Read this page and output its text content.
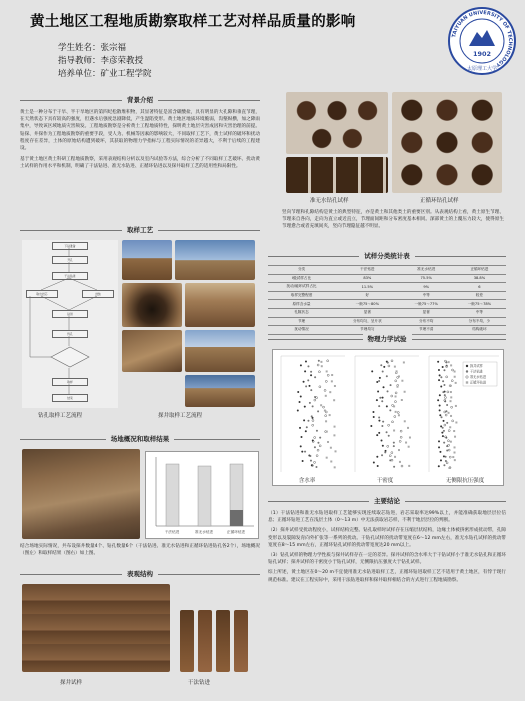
黄土地区工程地质勘察取样工艺对样品质量的影响
学生姓名：张宗福
指导教师：李彦荣教授
培养单位：矿业工程学院
TAIYUAN UNIVERSITY OF TECHNOLOGY
1902
太原理工大学
背景介绍

黄土是一种分布于干旱、半干旱地区的第四纪松散堆积物，其显著特征是富含碳酸盐，具有明显的大孔隙和垂直节理，在天然状态下具有较高的强度，但遇水后强度急剧降低，产生湿陷变形。黄土地区地质环境脆弱，沟壑纵横，加之降雨集中，导致该区域地质灾害频发。工程地质勘察是分析黄土工程地质特性，探明黄土地层灾害成因和灾害治理的前提。钻探、井探作为工程地质勘察的重要手段，受人为、机械等因素的影响较大，不同取样工艺下，黄土试样的破坏和扰动程度存在差异，土体的原始结构遭到破坏，其获取的物理力学指标与工程实际情况的差异越大，不利于后续的工程建设。

基于黄土地区黄土科研工程地质勘察，采用表观结构分析以及室内试验等方法，综合分析了不同取样工艺破坏、扰动黄土试样的作用水平和机制，明确了干法钻进、准无水钻进、正循环钻进以及探井取样工艺的适用性和局限性。

取样工艺
下钻准备
开孔
干法钻进
取出岩芯	封装
钻进
终孔
取样
结束
钻孔取样工艺流程	探井取样工艺流程
场地概况和取样结果
干法钻进	准无水钻进	正循环钻进

结合场地实际情况，共布设探井数量4个、钻孔数量6个（干法钻进、准无水钻进和正循环钻进钻孔各2个），场地概况（图左）和取样结果（图右）如上图。

表观结构
探井试样	干法钻进
准无水钻孔试样	正循环钻孔试样

竖向节理和孔隙结构是黄土的典型特征，亦是黄土和其他类土的重要区别。从表观结构上看，黄土原生节理、节理来自各向，走向为直立或近直立，节理面间距和分布密度基本相同。深部黄土的上覆压力较大，使得原生节理愈合或者充填间夹，竖向节理隐征越不明显。

试样分类统计表
分类	干法钻进	准无水钻进	正循环钻进
I级试样占比	83%	75.5%	38.8%
扰动/破坏试样占比	11.5%	9%	6
取样完整程度	好	中等	较差
原样含水量	一般75～80%	一般75～77%	一般75～78%
孔隙状态	显著	显著	中等
节理	分布均匀，呈片状	分布不均	分布不均，少
扰动情况	节理均匀	节理不清	结构破坏
物理力学试验
探井试样
干法钻进
准无水钻进
正循环钻进
含水率	干密度	无侧限抗压强度
主要结论

（1）干法钻进和准无水钻进取样工艺能够实现连续取芯钻进，岩芯采取率达99%以上，并能准确获取地层层位信息；正循环钻进工艺在浅层土体（0～13 m）中无法获取岩芯样，不利于地层层位的判断。

（2）探井试样受扰动程度小，试样结构完整。钻孔取样时试样存在压缩层状结构，边缘土体被挤密形成扰动带，孔隙变形以及裂隙发育向外扩张等一系列的扰动。干钻孔试样的扰动带宽度在6～12 mm左右，准无水钻孔试样的扰动带宽度在8～15 mm左右，正循环钻孔试样的扰动带宽度达20 mm以上。

（3）钻孔试样的物理力学性质与探井试样存在一定的差异。探井试样的含水率大于干钻试样小于准无水钻孔和正循环钻孔试样；探井试样的干密度小于钻孔试样，无侧限抗压强度大于钻孔试样。

综上所述，黄土地区在0～20 m不宜使用准无水钻进取样工艺，正循环钻进取样工艺不适用于黄土地区，有悖于现行规范标准。建议在工程实际中，采用干法钻进取样和探井取样相结合的方式进行工程地质勘察。
